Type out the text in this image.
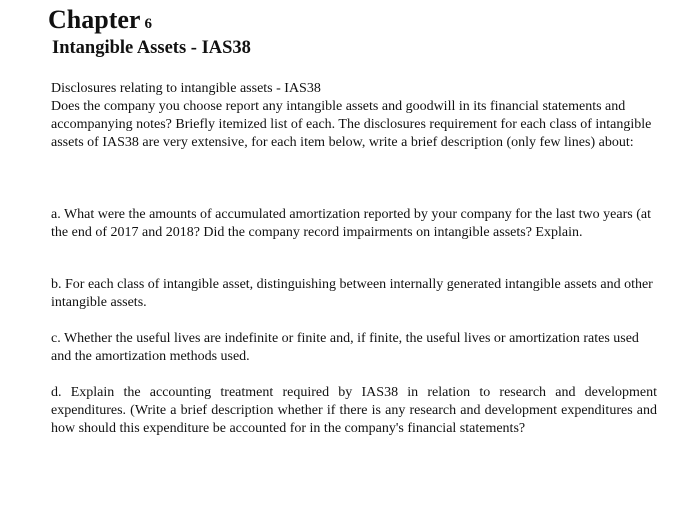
Chapter 6
Intangible Assets - IAS38
Disclosures relating to intangible assets - IAS38
Does the company you choose report any intangible assets and goodwill in its financial statements and accompanying notes? Briefly itemized list of each. The disclosures requirement for each class of intangible assets of IAS38 are very extensive, for each item below, write a brief description (only few lines) about:
a. What were the amounts of accumulated amortization reported by your company for the last two years (at the end of 2017 and 2018? Did the company record impairments on intangible assets? Explain.
b. For each class of intangible asset, distinguishing between internally generated intangible assets and other intangible assets.
c. Whether the useful lives are indefinite or finite and, if finite, the useful lives or amortization rates used and the amortization methods used.
d. Explain the accounting treatment required by IAS38 in relation to research and development expenditures. (Write a brief description whether if there is any research and development expenditures and how should this expenditure be accounted for in the company's financial statements?
